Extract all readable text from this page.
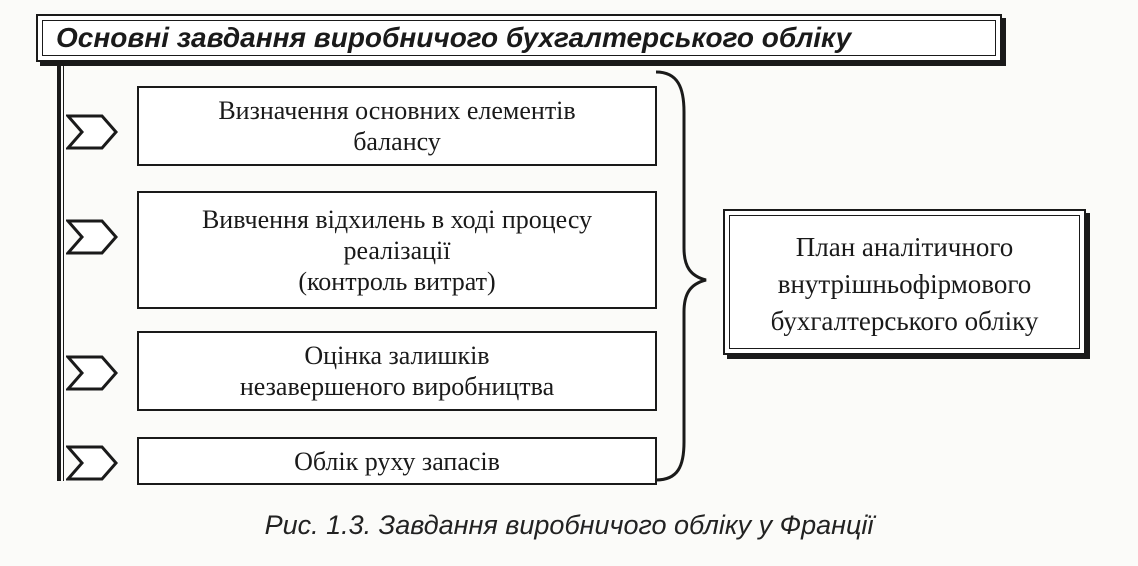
Основні завдання виробничого бухгалтерського обліку
Визначення основних елементів
балансу
Вивчення відхилень в ході процесу
реалізації
(контроль витрат)
Оцінка залишків
незавершеного виробництва
Облік руху запасів
План аналітичного
внутрішньофірмового
бухгалтерського обліку
Рис. 1.3. Завдання виробничого обліку у Франції
